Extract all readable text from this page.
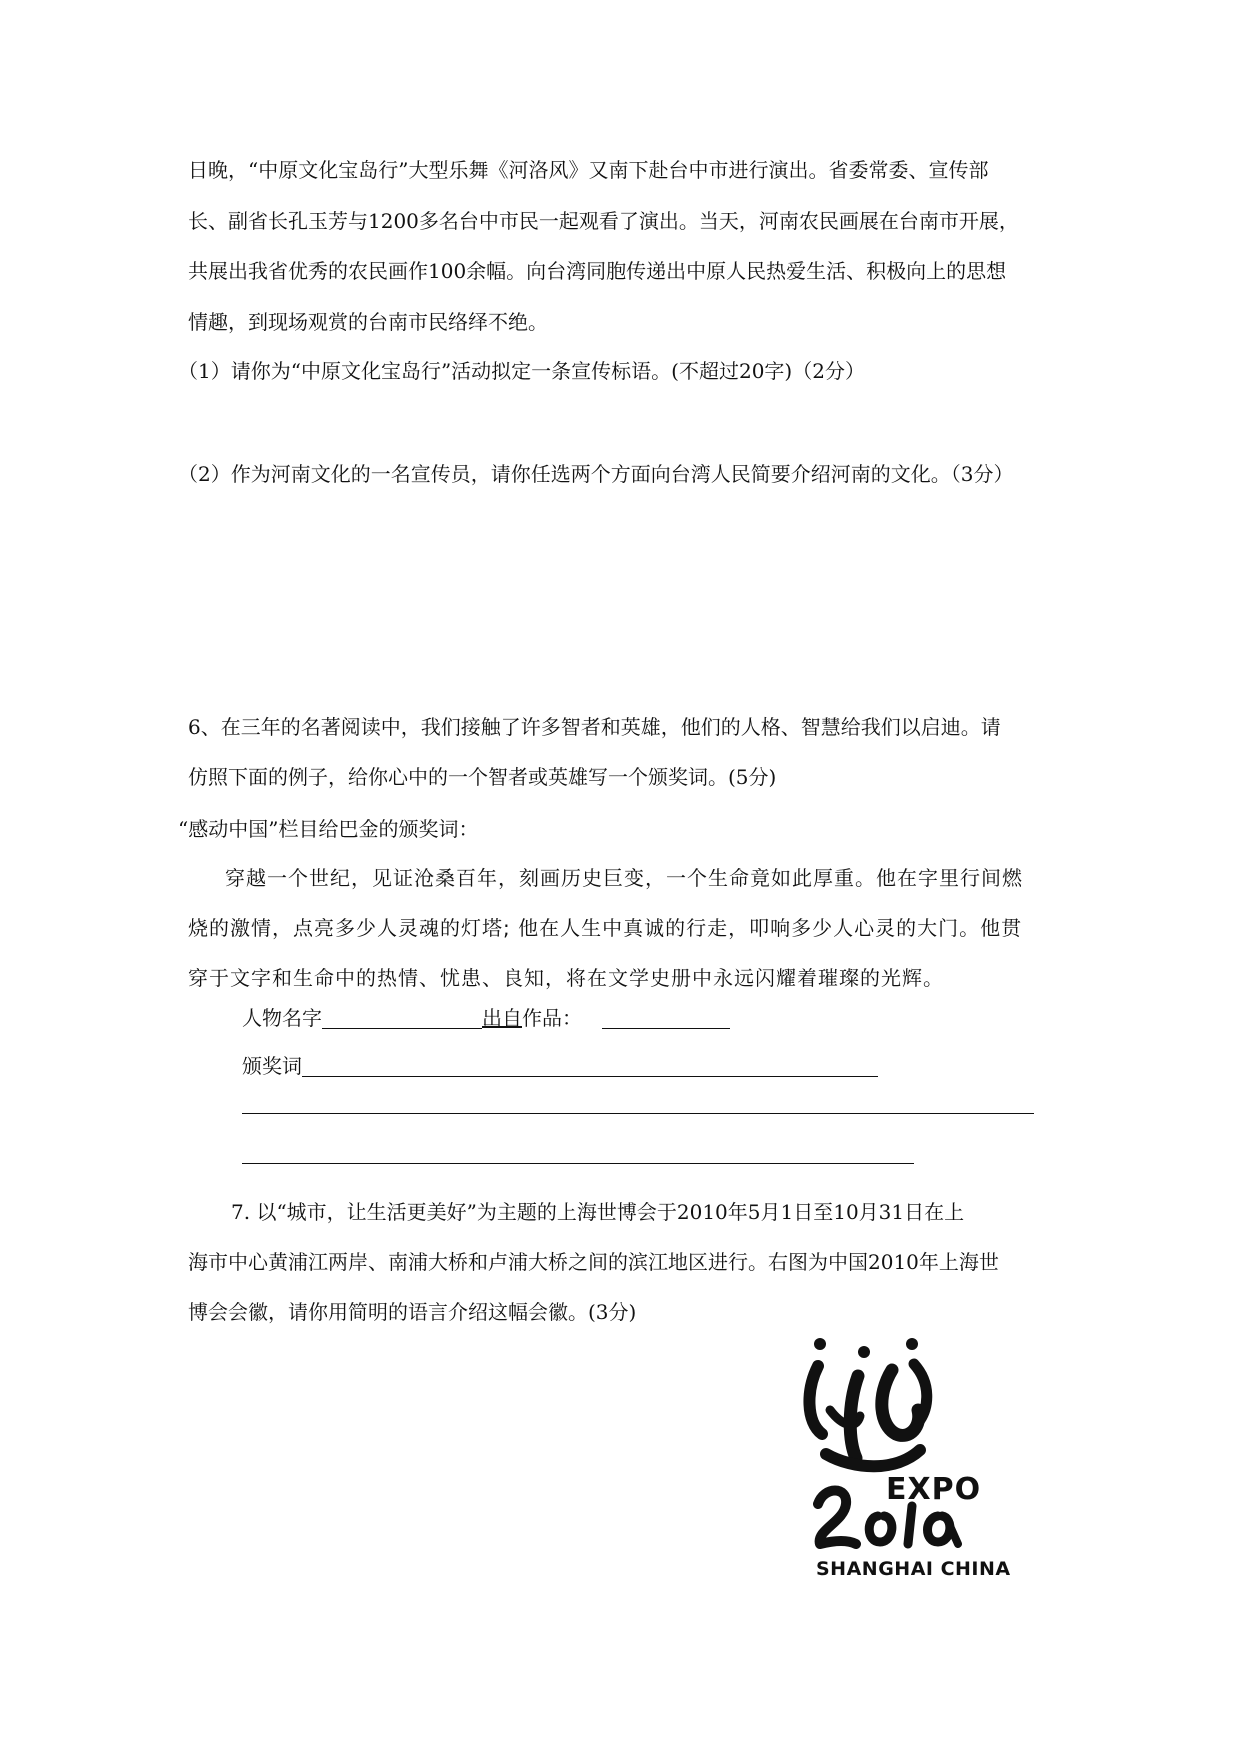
日晚，“中原文化宝岛行”大型乐舞《河洛风》又南下赴台中市进行演出。省委常委、宣传部
长、副省长孔玉芳与1200多名台中市民一起观看了演出。当天，河南农民画展在台南市开展，
共展出我省优秀的农民画作100余幅。向台湾同胞传递出中原人民热爱生活、积极向上的思想
情趣，到现场观赏的台南市民络绎不绝。
（1）请你为“中原文化宝岛行”活动拟定一条宣传标语。(不超过20字)（2分）
（2）作为河南文化的一名宣传员，请你任选两个方面向台湾人民简要介绍河南的文化。（3分）
6、在三年的名著阅读中，我们接触了许多智者和英雄，他们的人格、智慧给我们以启迪。请
仿照下面的例子，给你心中的一个智者或英雄写一个颁奖词。(5分)
“感动中国”栏目给巴金的颁奖词：
穿越一个世纪，见证沧桑百年，刻画历史巨变，一个生命竟如此厚重。他在字里行间燃
烧的激情，点亮多少人灵魂的灯塔; 他在人生中真诚的行走，叩响多少人心灵的大门。他贯
穿于文字和生命中的热情、忧患、良知，将在文学史册中永远闪耀着璀璨的光辉。
人物名字	出自作品：
颁奖词
7. 以“城市，让生活更美好”为主题的上海世博会于2010年5月1日至10月31日在上
海市中心黄浦江两岸、南浦大桥和卢浦大桥之间的滨江地区进行。右图为中国2010年上海世
博会会徽，请你用简明的语言介绍这幅会徽。(3分)
EXPO
SHANGHAI CHINA
